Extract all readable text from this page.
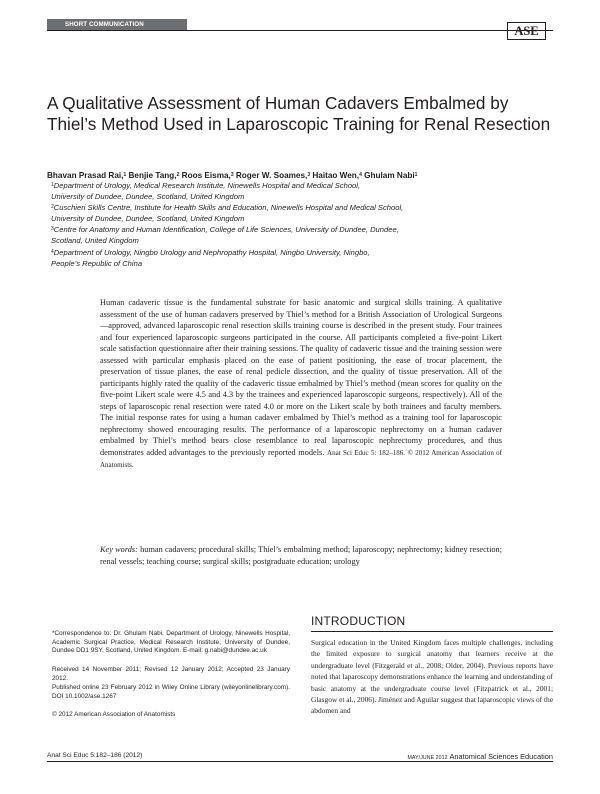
SHORT COMMUNICATION	ASE
A Qualitative Assessment of Human Cadavers Embalmed by Thiel’s Method Used in Laparoscopic Training for Renal Resection
Bhavan Prasad Rai,$^1$ Benjie Tang,$^2$ Roos Eisma,$^3$ Roger W. Soames,$^3$ Haitao Wen,$^4$ Ghulam Nabi$^1$
$^1$Department of Urology, Medical Research Institute, Ninewells Hospital and Medical School,
University of Dundee, Dundee, Scotland, United Kingdom
$^2$Cuschieri Skills Centre, Institute for Health Skills and Education, Ninewells Hospital and Medical School,
University of Dundee, Dundee, Scotland, United Kingdom
$^3$Centre for Anatomy and Human Identification, College of Life Sciences, University of Dundee, Dundee,
Scotland, United Kingdom
$^4$Department of Urology, Ningbo Urology and Nephropathy Hospital, Ningbo University, Ningbo,
People’s Republic of China
Human cadaveric tissue is the fundamental substrate for basic anatomic and surgical skills training. A qualitative assessment of the use of human cadavers preserved by Thiel’s method for a British Association of Urological Surgeons—approved, advanced laparoscopic renal resection skills training course is described in the present study. Four trainees and four experienced laparoscopic surgeons participated in the course. All participants completed a five-point Likert scale satisfaction questionnaire after their training sessions. The quality of cadaveric tissue and the training session were assessed with particular emphasis placed on the ease of patient positioning, the ease of trocar placement, the preservation of tissue planes, the ease of renal pedicle dissection, and the quality of tissue preservation. All of the participants highly rated the quality of the cadaveric tissue embalmed by Thiel’s method (mean scores for quality on the five-point Likert scale were 4.5 and 4.3 by the trainees and experienced laparoscopic surgeons, respectively). All of the steps of laparoscopic renal resection were rated 4.0 or more on the Likert scale by both trainees and faculty members. The initial response rates for using a human cadaver embalmed by Thiel’s method as a training tool for laparoscopic nephrectomy showed encouraging results. The performance of a laparoscopic nephrectomy on a human cadaver embalmed by Thiel’s method bears close resemblance to real laparoscopic nephrectomy procedures, and thus demonstrates added advantages to the previously reported models. Anat Sci Educ 5: 182–186. © 2012 American Association of Anatomists.
Key words: human cadavers; procedural skills; Thiel’s embalming method; laparoscopy; nephrectomy; kidney resection; renal vessels; teaching course; surgical skills; postgraduate education; urology
INTRODUCTION
Surgical education in the United Kingdom faces multiple challenges, including the limited exposure to surgical anatomy that learners receive at the undergraduate level (Fitzgerald et al., 2008; Older, 2004). Previous reports have noted that laparoscopy demonstrations enhance the learning and understanding of basic anatomy at the undergraduate course level (Fitzpatrick et al., 2001; Glasgow et al., 2006). Jiménez and Aguilar suggest that laparoscopic views of the abdomen and
*Correspondence to: Dr. Ghulam Nabi, Department of Urology, Ninewells Hospital, Academic Surgical Practice, Medical Research Institute, University of Dundee, Dundee DD1 9SY, Scotland, United Kingdom. E-mail: g.nabi@dundee.ac.uk
Received 14 November 2011; Revised 12 January 2012; Accepted 23 January 2012.
Published online 23 February 2012 in Wiley Online Library (wileyonlinelibrary.com). DOI 10.1002/ase.1267
© 2012 American Association of Anatomists
Anat Sci Educ 5:182–186 (2012)	MAY/JUNE 2012 Anatomical Sciences Education
